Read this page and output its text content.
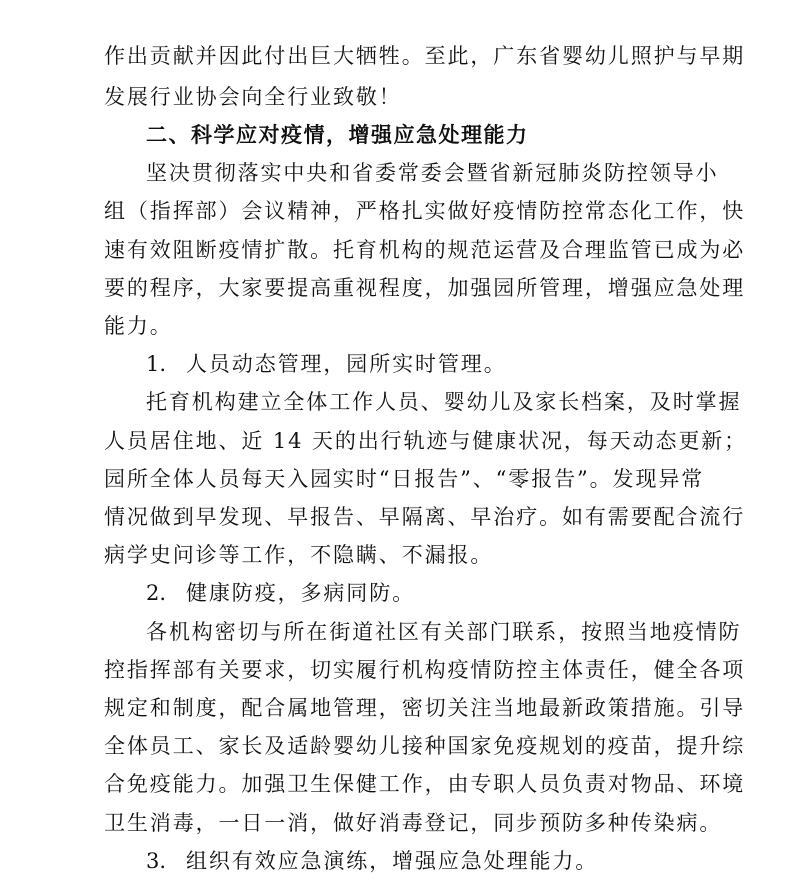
作出贡献并因此付出巨大牺牲。至此，广东省婴幼儿照护与早期
发展行业协会向全行业致敬！
二、科学应对疫情，增强应急处理能力
坚决贯彻落实中央和省委常委会暨省新冠肺炎防控领导小
组（指挥部）会议精神，严格扎实做好疫情防控常态化工作，快
速有效阻断疫情扩散。托育机构的规范运营及合理监管已成为必
要的程序，大家要提高重视程度，加强园所管理，增强应急处理
能力。
1. 人员动态管理，园所实时管理。
托育机构建立全体工作人员、婴幼儿及家长档案，及时掌握
人员居住地、近 14 天的出行轨迹与健康状况，每天动态更新；
园所全体人员每天入园实时“日报告”、“零报告”。发现异常
情况做到早发现、早报告、早隔离、早治疗。如有需要配合流行
病学史问诊等工作，不隐瞒、不漏报。
2. 健康防疫，多病同防。
各机构密切与所在街道社区有关部门联系，按照当地疫情防
控指挥部有关要求，切实履行机构疫情防控主体责任，健全各项
规定和制度，配合属地管理，密切关注当地最新政策措施。引导
全体员工、家长及适龄婴幼儿接种国家免疫规划的疫苗，提升综
合免疫能力。加强卫生保健工作，由专职人员负责对物品、环境
卫生消毒，一日一消，做好消毒登记，同步预防多种传染病。
3. 组织有效应急演练，增强应急处理能力。
